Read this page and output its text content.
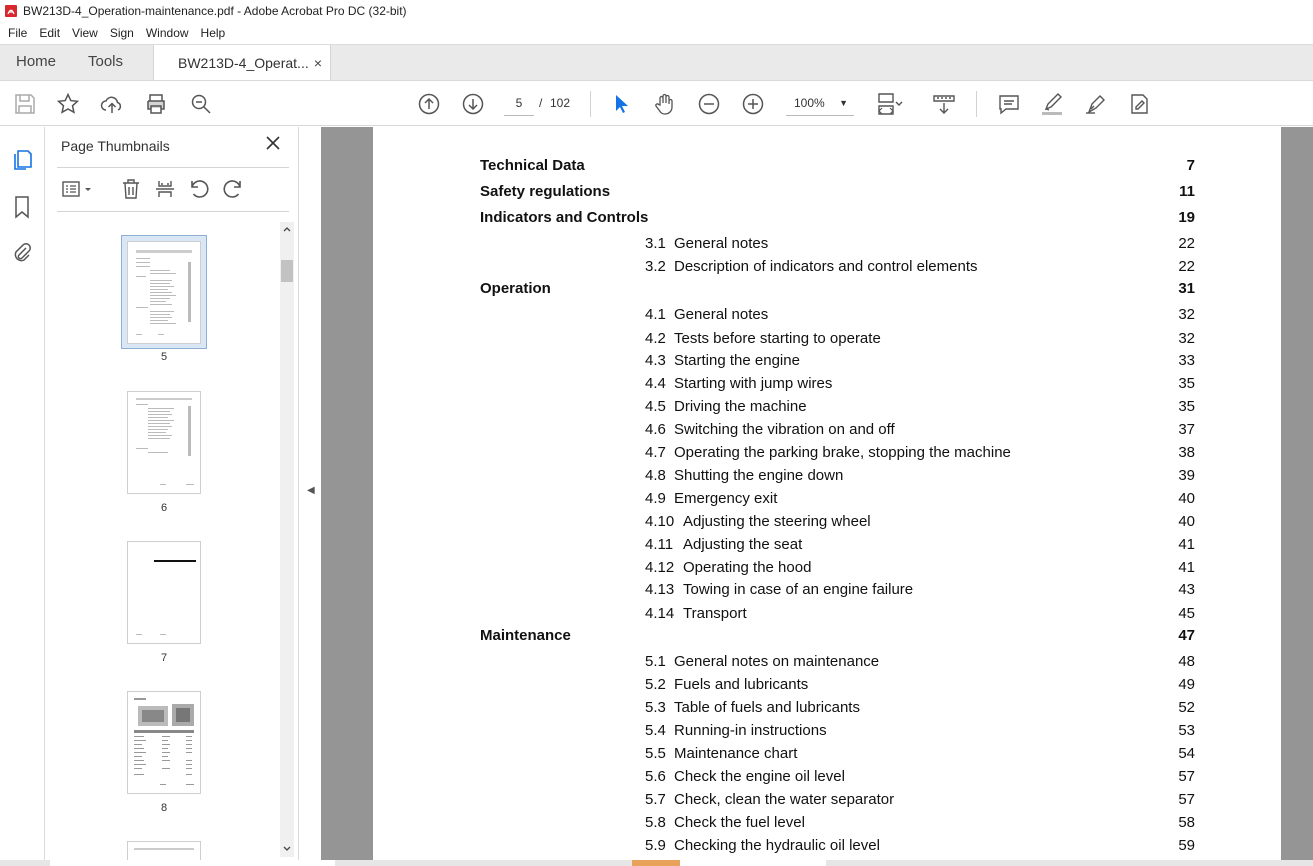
BW213D-4_Operation-maintenance.pdf - Adobe Acrobat Pro DC (32-bit)
File	Edit	View	Sign	Window	Help
Home Tools	BW213D-4_Operat... ×
5	/ 102	100% ▼
Page Thumbnails
5
6
7
8
◀
Technical Data	7
Safety regulations	11
Indicators and Controls	19
3.1 General notes	22
3.2 Description of indicators and control elements	22
Operation	31
4.1 General notes	32
4.2 Tests before starting to operate	32
4.3 Starting the engine	33
4.4 Starting with jump wires	35
4.5 Driving the machine	35
4.6 Switching the vibration on and off	37
4.7 Operating the parking brake, stopping the machine	38
4.8 Shutting the engine down	39
4.9 Emergency exit	40
4.10 Adjusting the steering wheel	40
4.11 Adjusting the seat	41
4.12 Operating the hood	41
4.13 Towing in case of an engine failure	43
4.14 Transport	45
Maintenance	47
5.1 General notes on maintenance	48
5.2 Fuels and lubricants	49
5.3 Table of fuels and lubricants	52
5.4 Running-in instructions	53
5.5 Maintenance chart	54
5.6 Check the engine oil level	57
5.7 Check, clean the water separator	57
5.8 Check the fuel level	58
5.9 Checking the hydraulic oil level	59
